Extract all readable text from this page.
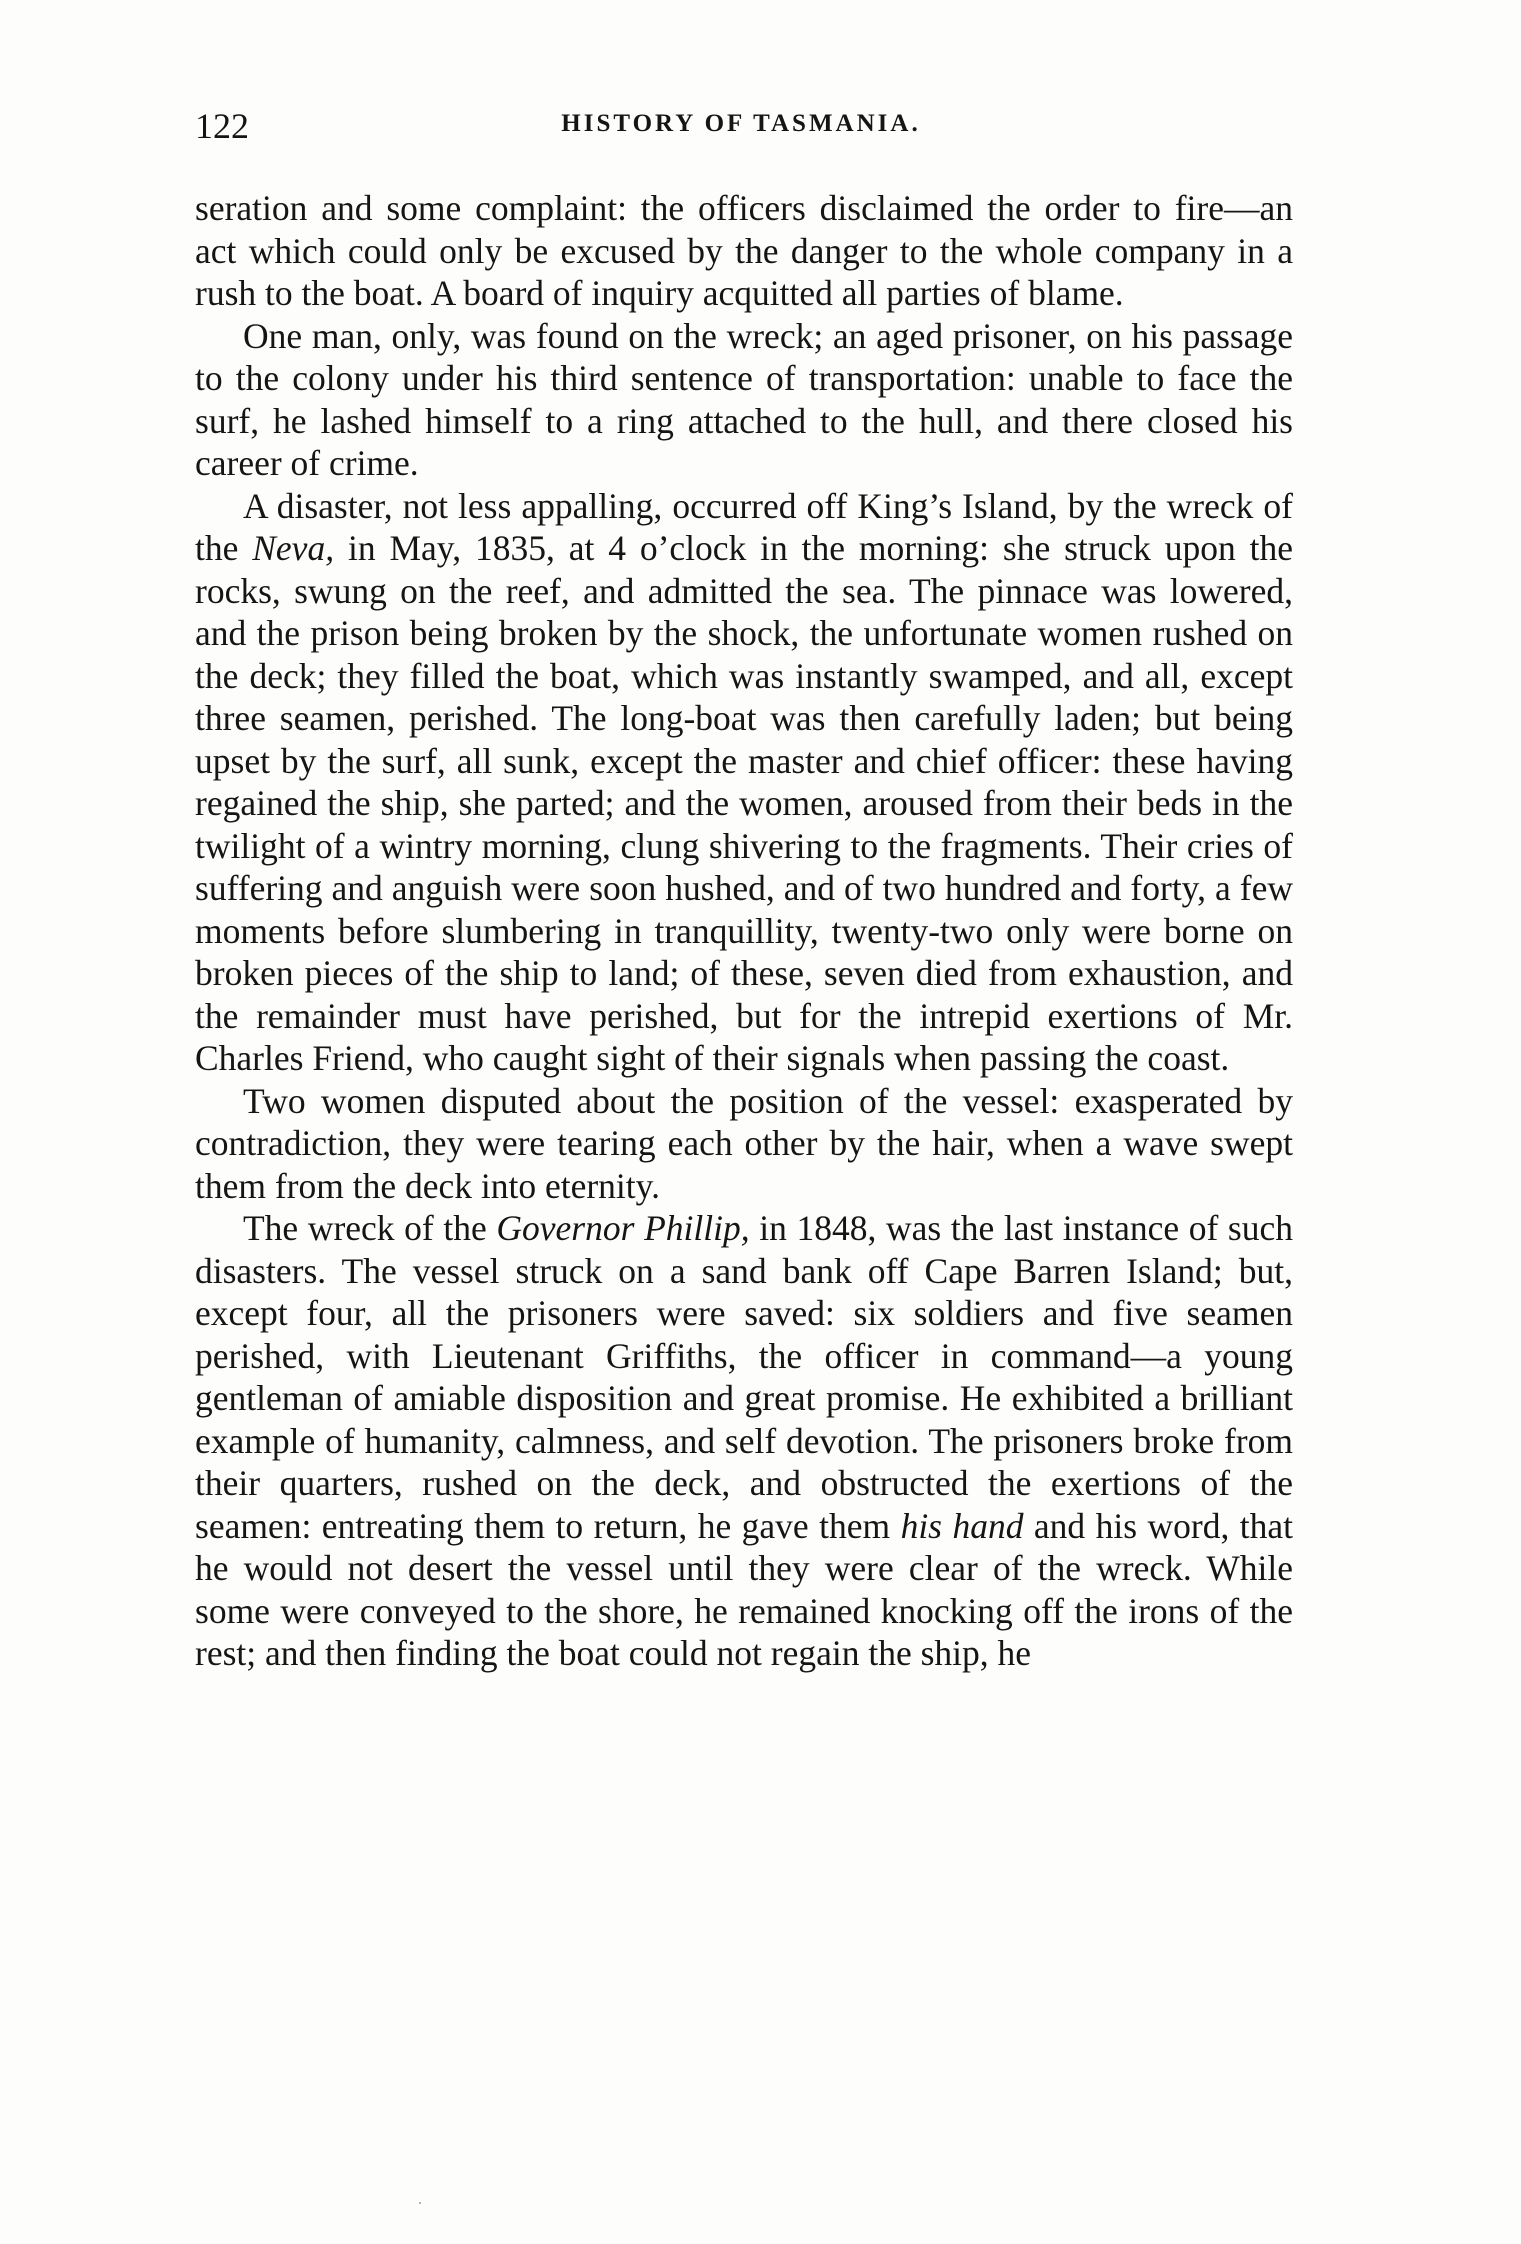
122	HISTORY OF TASMANIA.

seration and some complaint: the officers disclaimed the order to fire—an act which could only be excused by the danger to the whole company in a rush to the boat. A board of inquiry acquitted all parties of blame.

One man, only, was found on the wreck; an aged prisoner, on his passage to the colony under his third sentence of transportation: unable to face the surf, he lashed himself to a ring attached to the hull, and there closed his career of crime.

A disaster, not less appalling, occurred off King’s Island, by the wreck of the Neva, in May, 1835, at 4 o’clock in the morning: she struck upon the rocks, swung on the reef, and admitted the sea. The pinnace was lowered, and the prison being broken by the shock, the unfortunate women rushed on the deck; they filled the boat, which was instantly swamped, and all, except three seamen, perished. The long-boat was then carefully laden; but being upset by the surf, all sunk, except the master and chief officer: these having regained the ship, she parted; and the women, aroused from their beds in the twilight of a wintry morning, clung shivering to the fragments. Their cries of suffering and anguish were soon hushed, and of two hundred and forty, a few moments before slumbering in tranquillity, twenty-two only were borne on broken pieces of the ship to land; of these, seven died from exhaustion, and the remainder must have perished, but for the intrepid exertions of Mr. Charles Friend, who caught sight of their signals when passing the coast.

Two women disputed about the position of the vessel: exasperated by contradiction, they were tearing each other by the hair, when a wave swept them from the deck into eternity.

The wreck of the Governor Phillip, in 1848, was the last instance of such disasters. The vessel struck on a sand bank off Cape Barren Island; but, except four, all the prisoners were saved: six soldiers and five seamen perished, with Lieutenant Griffiths, the officer in command—a young gentleman of amiable disposition and great promise. He exhibited a brilliant example of humanity, calmness, and self devotion. The prisoners broke from their quarters, rushed on the deck, and obstructed the exertions of the seamen: entreating them to return, he gave them his hand and his word, that he would not desert the vessel until they were clear of the wreck. While some were conveyed to the shore, he remained knocking off the irons of the rest; and then finding the boat could not regain the ship, he
